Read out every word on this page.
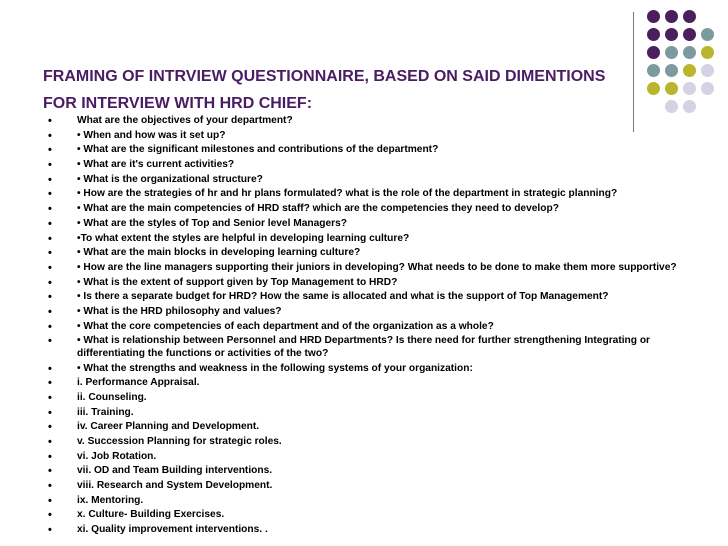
FRAMING OF INTRVIEW QUESTIONNAIRE, BASED ON SAID DIMENTIONS
FOR INTERVIEW WITH HRD CHIEF:
• What are the objectives of your department?
• • When and how was it set up?
• • What are the significant milestones and contributions of the department?
• • What are it's current activities?
• • What is the organizational structure?
• • How are the strategies of hr and hr plans formulated? what is the role of the department in strategic planning?
• • What are the main competencies of HRD staff? which are the competencies they need to develop?
• • What are the styles of Top and Senior level Managers?
• •To what extent the styles are helpful in developing learning culture?
• • What are the main blocks in developing learning culture?
• • How are the line managers supporting their juniors in developing? What needs to be done to make them more supportive?
• • What is the extent of support given by Top Management to HRD?
• • Is there a separate budget for HRD? How the same is allocated and what is the support of Top Management?
• • What is the HRD philosophy and values?
• • What the core competencies of each department and of the organization as a whole?
• • What is relationship between Personnel and HRD Departments? Is there need for further strengthening Integrating or differentiating the functions or activities of the two?
• • What the strengths and weakness in the following systems of your organization:
• i. Performance Appraisal.
• ii. Counseling.
• iii. Training.
• iv. Career Planning and Development.
• v. Succession Planning for strategic roles.
• vi. Job Rotation.
• vii. OD and Team Building interventions.
• viii. Research and System Development.
• ix. Mentoring.
• x. Culture- Building Exercises.
• xi. Quality improvement interventions. .
